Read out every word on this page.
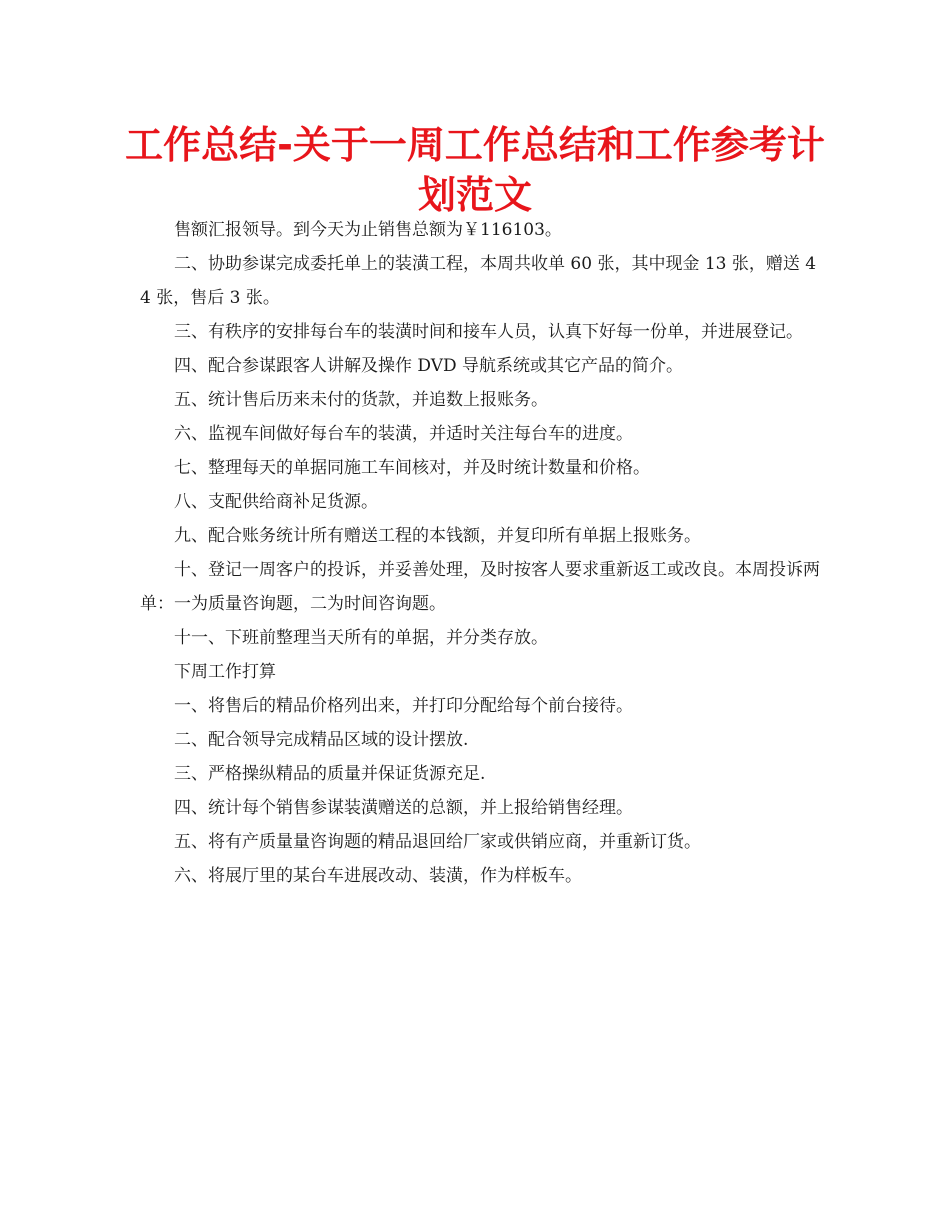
工作总结-关于一周工作总结和工作参考计划范文

售额汇报领导。到今天为止销售总额为￥116103。

二、协助参谋完成委托单上的装潢工程，本周共收单 60 张，其中现金 13 张，赠送 44 张，售后 3 张。

三、有秩序的安排每台车的装潢时间和接车人员，认真下好每一份单，并进展登记。

四、配合参谋跟客人讲解及操作 DVD 导航系统或其它产品的简介。

五、统计售后历来未付的货款，并追数上报账务。

六、监视车间做好每台车的装潢，并适时关注每台车的进度。

七、整理每天的单据同施工车间核对，并及时统计数量和价格。

八、支配供给商补足货源。

九、配合账务统计所有赠送工程的本钱额，并复印所有单据上报账务。

十、登记一周客户的投诉，并妥善处理，及时按客人要求重新返工或改良。本周投诉两单：一为质量咨询题，二为时间咨询题。

十一、下班前整理当天所有的单据，并分类存放。

下周工作打算

一、将售后的精品价格列出来，并打印分配给每个前台接待。

二、配合领导完成精品区域的设计摆放.

三、严格操纵精品的质量并保证货源充足.

四、统计每个销售参谋装潢赠送的总额，并上报给销售经理。

五、将有产质量量咨询题的精品退回给厂家或供销应商，并重新订货。

六、将展厅里的某台车进展改动、装潢，作为样板车。
